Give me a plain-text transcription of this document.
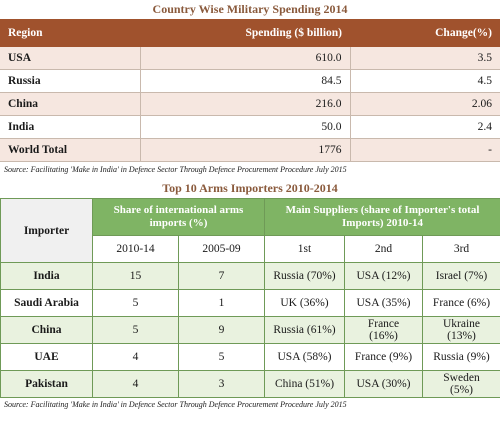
Country Wise Military Spending 2014
Region	Spending ($ billion)	Change(%)
USA	610.0	3.5
Russia	84.5	4.5
China	216.0	2.06
India	50.0	2.4
World Total	1776	-
Source: Facilitating 'Make in India' in Defence Sector Through Defence Procurement Procedure July 2015
Top 10 Arms Importers 2010-2014
Importer	Share of international arms imports (%)		Main Suppliers (share of Importer's total Imports) 2010-14		
	2010-14	2005-09	1st	2nd	3rd
India	15	7	Russia (70%)	USA (12%)	Israel (7%)
Saudi Arabia	5	1	UK (36%)	USA (35%)	France (6%)
China	5	9	Russia (61%)	France (16%)	Ukraine (13%)
UAE	4	5	USA (58%)	France (9%)	Russia (9%)
Pakistan	4	3	China (51%)	USA (30%)	Sweden (5%)
Source: Facilitating 'Make in India' in Defence Sector Through Defence Procurement Procedure July 2015
